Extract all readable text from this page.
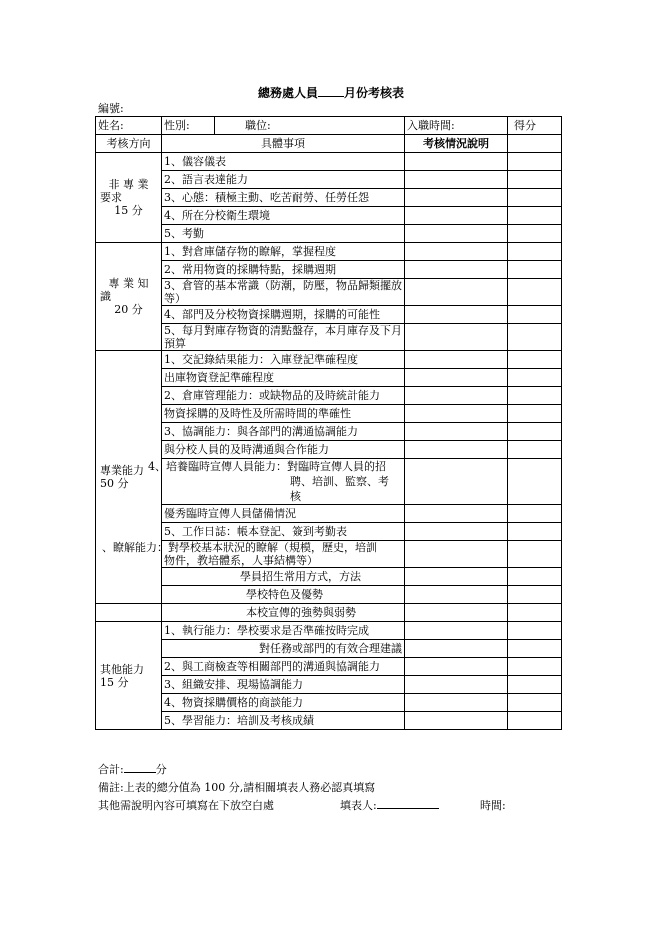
總務處人員 月份考核表
編號:
姓名:	性別:	職位:	入職時間:	得分
考核方向	具體事項		考核情況說明	

非 專 業
要求
15 分	1、儀容儀表			
	2、語言表達能力			
	3、心態：積極主動、吃苦耐勞、任勞任怨			
	4、所在分校衛生環境			
	5、考勤			

專 業 知
識
20 分	1、對倉庫儲存物的瞭解，掌握程度			
	2、常用物資的採購特點，採購週期			
	3、倉管的基本常識（防潮，防壓，物品歸類擺放等）			
	4、部門及分校物資採購週期，採購的可能性			
	5、每月對庫存物資的清點盤存，本月庫存及下月預算			

專業能力
50 分	1、交記錄結果能力：入庫登記準確程度			
	出庫物資登記準確程度			
	2、倉庫管理能力：或缺物品的及時統計能力			
	物資採購的及時性及所需時間的準確性			
	3、協調能力：與各部門的溝通協調能力			
	與分校人員的及時溝通與合作能力			

	4、培養臨時宣傳人員能力：對臨時宣傳人員的招
聘、培訓、監察、考
核			

	優秀臨時宣傳人員儲備情況			
	5、工作日誌：帳本登記、簽到考勤表			

	、瞭解能力：對學校基本狀況的瞭解（規模，歷史，培訓
物件，教培體系，人事結構等）			

	學員招生常用方式，方法			
	學校特色及優勢			
	本校宣傳的強勢與弱勢			

其他能力
15 分	1、執行能力：學校要求是否準確按時完成			
	對任務或部門的有效合理建議			
	2、與工商檢查等相關部門的溝通與協調能力			
	3、組織安排、現場協調能力			
	4、物資採購價格的商談能力			
	5、學習能力：培訓及考核成績			
合計:	分
備註:上表的總分值為 100 分,請相關填表人務必認真填寫
其他需說明內容可填寫在下放空白處	填表人:	時間:
